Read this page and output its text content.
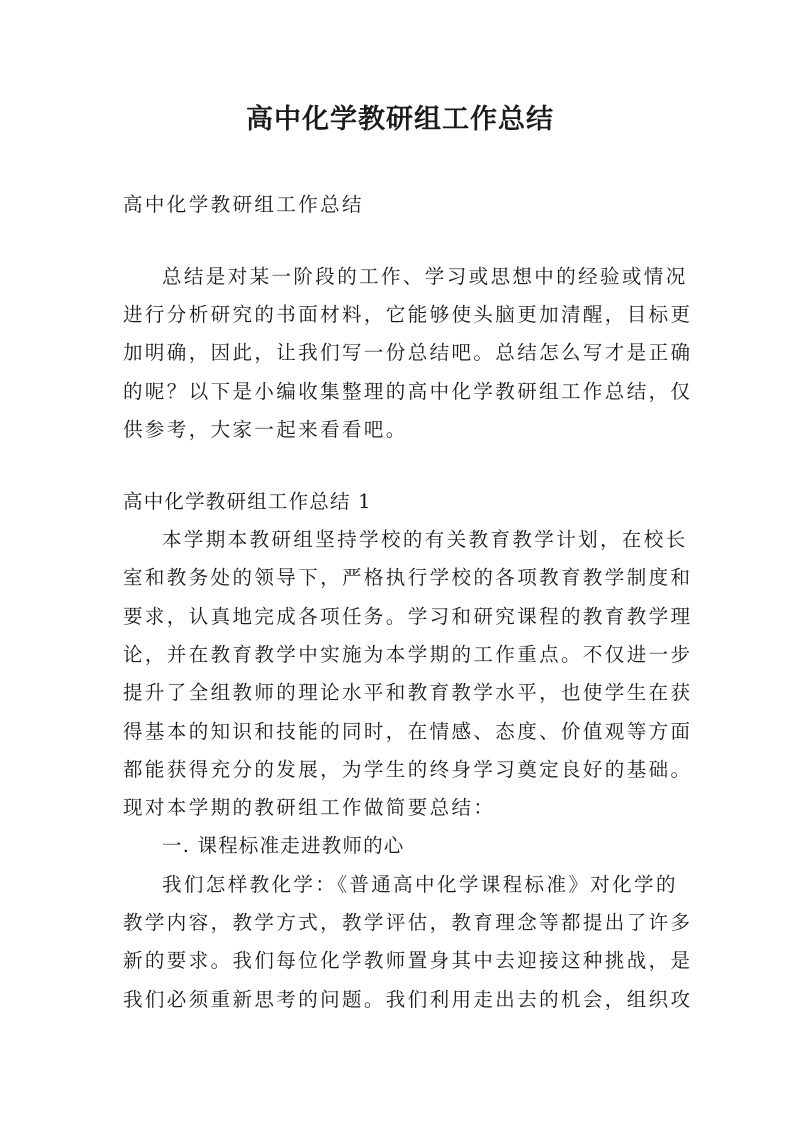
高中化学教研组工作总结
高中化学教研组工作总结
总结是对某一阶段的工作、学习或思想中的经验或情况
进行分析研究的书面材料，它能够使头脑更加清醒，目标更
加明确，因此，让我们写一份总结吧。总结怎么写才是正确
的呢？以下是小编收集整理的高中化学教研组工作总结，仅
供参考，大家一起来看看吧。
高中化学教研组工作总结 1
本学期本教研组坚持学校的有关教育教学计划，在校长
室和教务处的领导下，严格执行学校的各项教育教学制度和
要求，认真地完成各项任务。学习和研究课程的教育教学理
论，并在教育教学中实施为本学期的工作重点。不仅进一步
提升了全组教师的理论水平和教育教学水平，也使学生在获
得基本的知识和技能的同时，在情感、态度、价值观等方面
都能获得充分的发展，为学生的终身学习奠定良好的基础。
现对本学期的教研组工作做简要总结：
一. 课程标准走进教师的心
我们怎样教化学：《普通高中化学课程标准》对化学的
教学内容，教学方式，教学评估，教育理念等都提出了许多
新的要求。我们每位化学教师置身其中去迎接这种挑战，是
我们必须重新思考的问题。我们利用走出去的机会，组织攻
